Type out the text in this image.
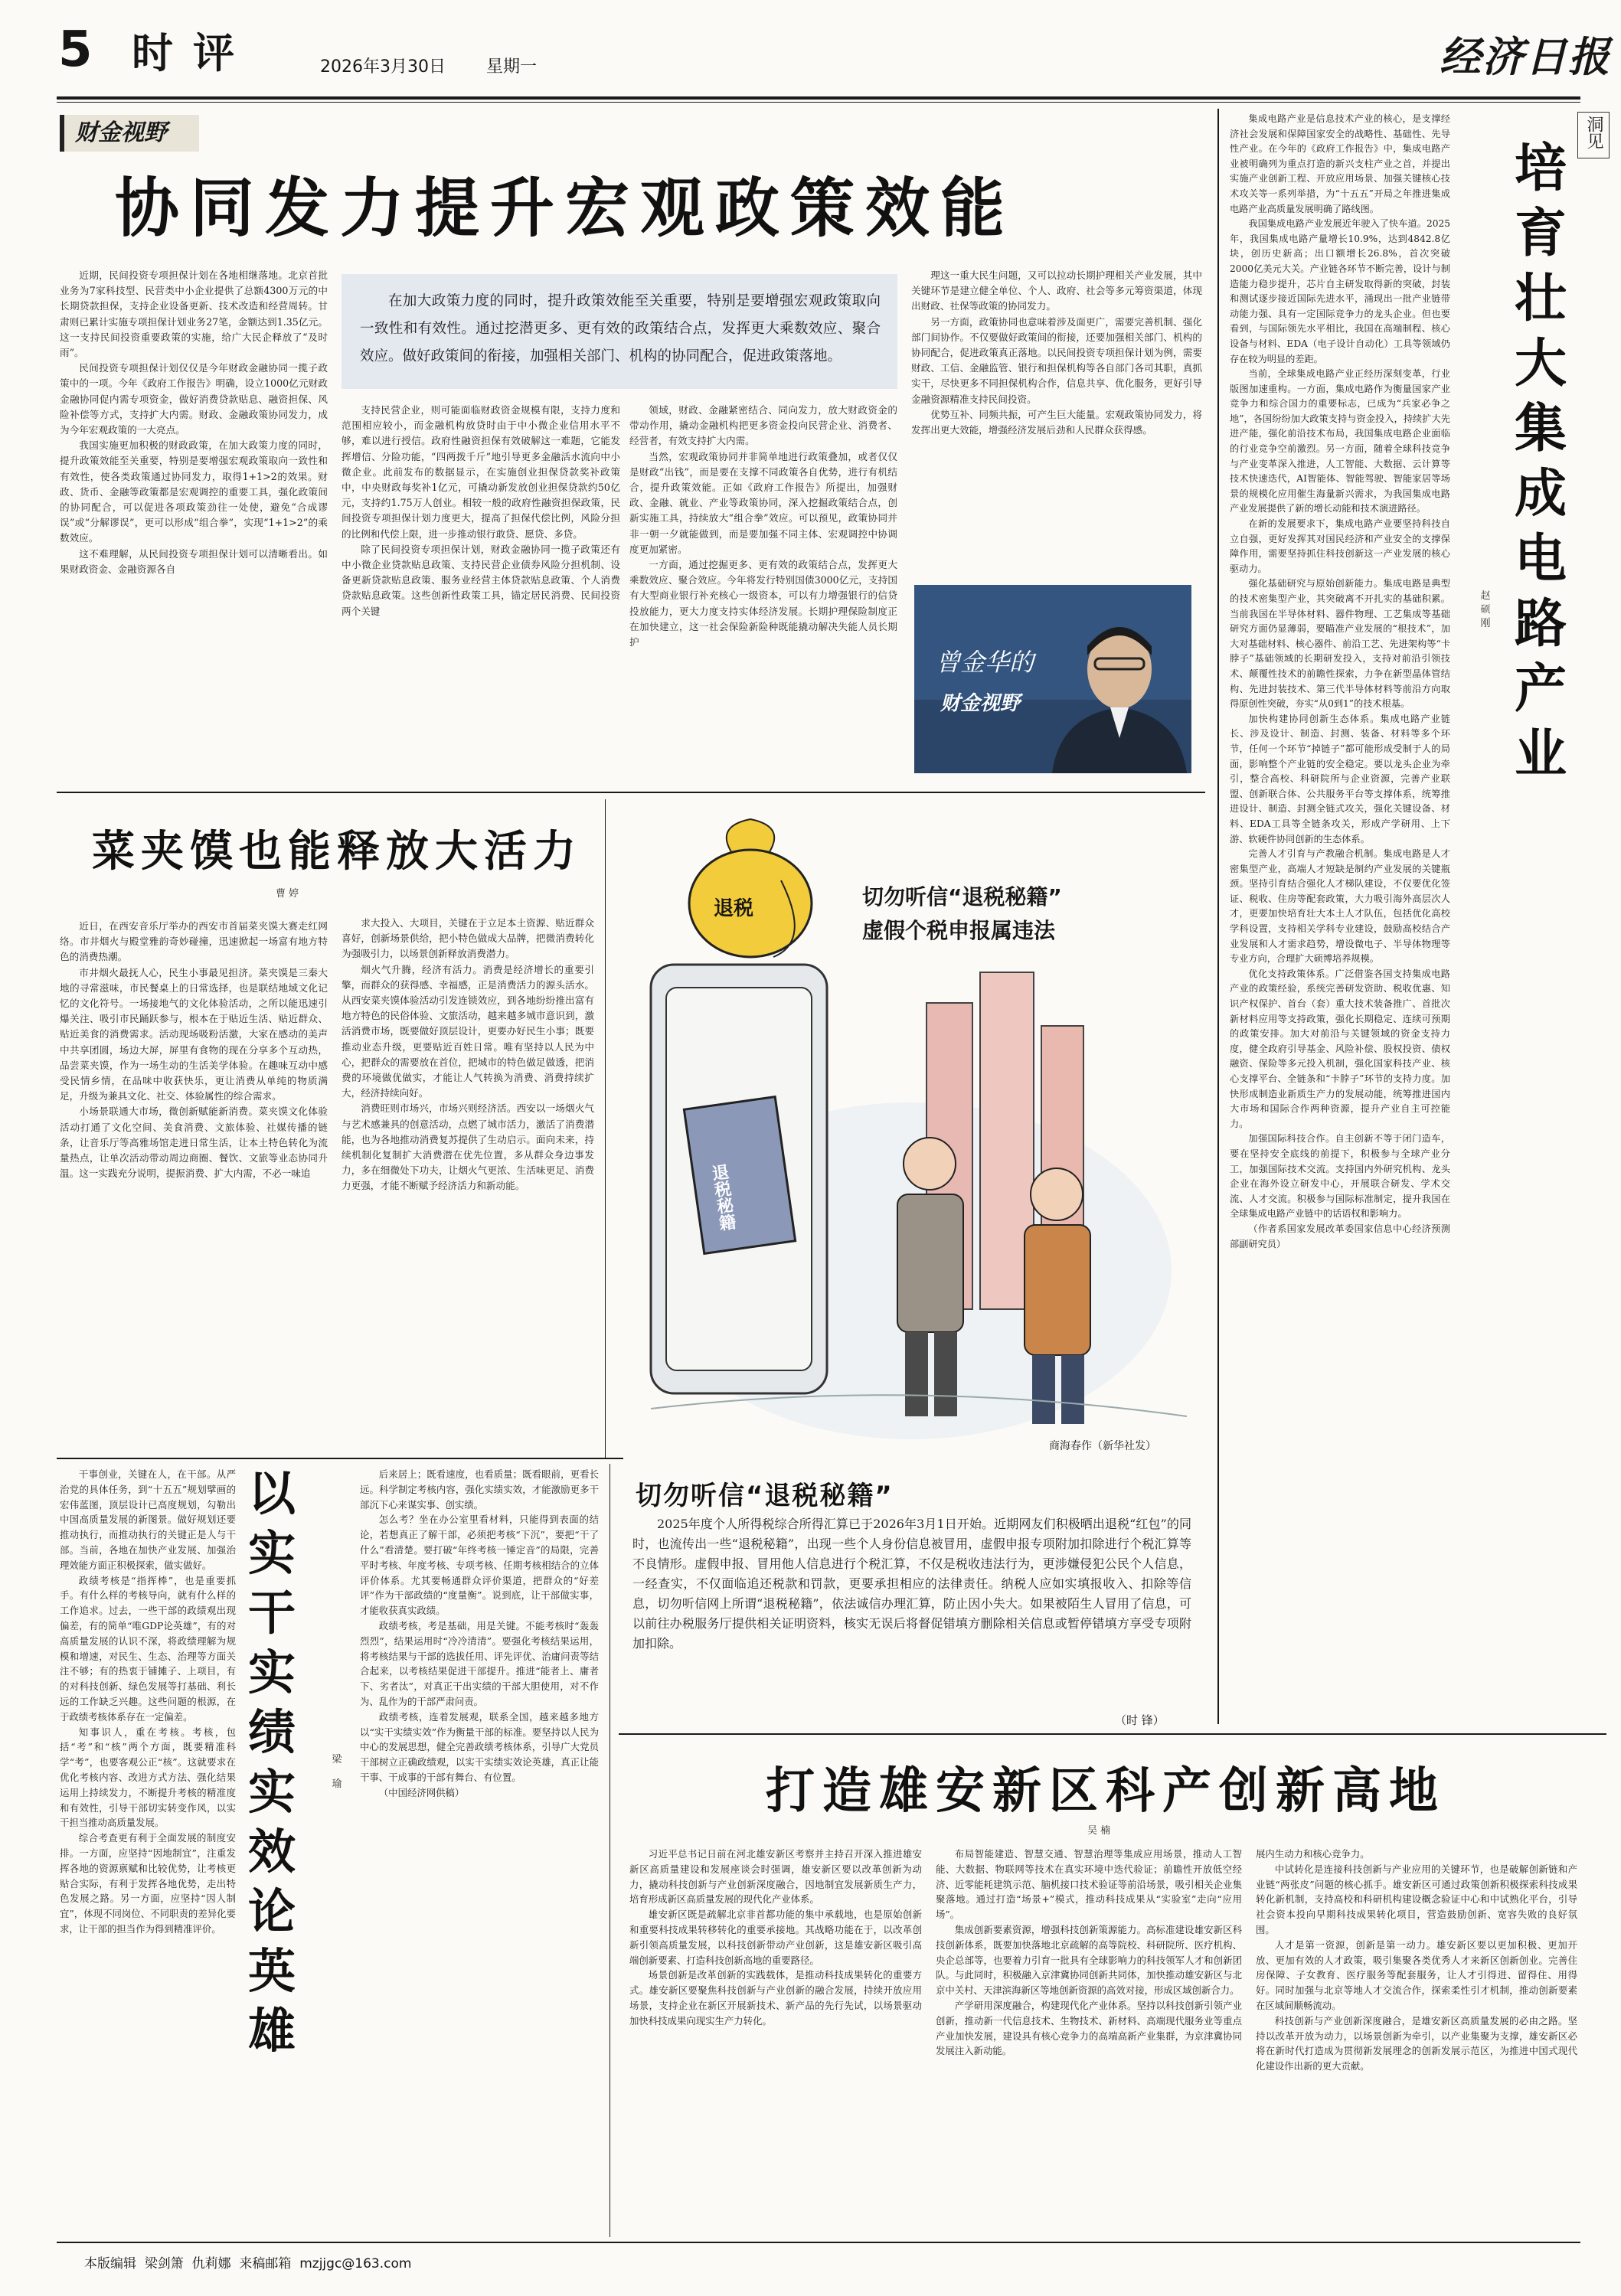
5 时评	2026年3月30日 星期一	经济日报
财金视野
协同发力提升宏观政策效能

近期，民间投资专项担保计划在各地相继落地。北京首批业务为7家科技型、民营类中小企业提供了总额4300万元的中长期贷款担保，支持企业设备更新、技术改造和经营周转。甘肃则已累计实施专项担保计划业务27笔，金额达到1.35亿元。这一支持民间投资重要政策的实施，给广大民企释放了“及时雨”。

民间投资专项担保计划仅仅是今年财政金融协同一揽子政策中的一项。今年《政府工作报告》明确，设立1000亿元财政金融协同促内需专项资金，做好消费贷款贴息、融资担保、风险补偿等方式，支持扩大内需。财政、金融政策协同发力，成为今年宏观政策的一大亮点。

我国实施更加积极的财政政策，在加大政策力度的同时，提升政策效能至关重要，特别是要增强宏观政策取向一致性和有效性，使各类政策通过协同发力，取得1+1>2的效果。财政、货币、金融等政策都是宏观调控的重要工具，强化政策间的协同配合，可以促进各项政策劲往一处使，避免“合成谬误”或“分解谬误”，更可以形成“组合拳”，实现“1+1>2”的乘数效应。

这不难理解，从民间投资专项担保计划可以清晰看出。如果财政资金、金融资源各自

在加大政策力度的同时，提升政策效能至关重要，特别是要增强宏观政策取向一致性和有效性。通过挖潜更多、更有效的政策结合点，发挥更大乘数效应、聚合效应。做好政策间的衔接，加强相关部门、机构的协同配合，促进政策落地。

支持民营企业，则可能面临财政资金规模有限，支持力度和范围相应较小，而金融机构放贷时由于中小微企业信用水平不够，难以进行授信。政府性融资担保有效破解这一难题，它能发挥增信、分险功能，“四两拨千斤”地引导更多金融活水流向中小微企业。此前发布的数据显示，在实施创业担保贷款奖补政策中，中央财政每奖补1亿元，可撬动新发放创业担保贷款约50亿元，支持约1.75万人创业。相较一般的政府性融资担保政策，民间投资专项担保计划力度更大，提高了担保代偿比例，风险分担的比例和代偿上限，进一步推动银行敢贷、愿贷、多贷。

除了民间投资专项担保计划，财政金融协同一揽子政策还有中小微企业贷款贴息政策、支持民营企业债券风险分担机制、设备更新贷款贴息政策、服务业经营主体贷款贴息政策、个人消费贷款贴息政策。这些创新性政策工具，锚定居民消费、民间投资两个关键

领域，财政、金融紧密结合、同向发力，放大财政资金的带动作用，撬动金融机构把更多资金投向民营企业、消费者、经营者，有效支持扩大内需。

当然，宏观政策协同并非简单地进行政策叠加，或者仅仅是财政“出钱”，而是要在支撑不同政策各自优势，进行有机结合，提升政策效能。正如《政府工作报告》所提出，加强财政、金融、就业、产业等政策协同，深入挖掘政策结合点，创新实施工具，持续放大“组合拳”效应。可以预见，政策协同并非一朝一夕就能做到，而是要加强不同主体、宏观调控中协调度更加紧密。

一方面，通过挖掘更多、更有效的政策结合点，发挥更大乘数效应、聚合效应。今年将发行特别国债3000亿元，支持国有大型商业银行补充核心一级资本，可以有力增强银行的信贷投放能力，更大力度支持实体经济发展。长期护理保险制度正在加快建立，这一社会保险新险种既能撬动解决失能人员长期护

理这一重大民生问题，又可以拉动长期护理相关产业发展，其中关键环节是建立健全单位、个人、政府、社会等多元筹资渠道，体现出财政、社保等政策的协同发力。

另一方面，政策协同也意味着涉及面更广，需要完善机制、强化部门间协作。不仅要做好政策间的衔接，还要加强相关部门、机构的协同配合，促进政策真正落地。以民间投资专项担保计划为例，需要财政、工信、金融监管、银行和担保机构等各自部门各司其职，真抓实干，尽快更多不同担保机构合作，信息共享、优化服务，更好引导金融资源精准支持民间投资。

优势互补、同频共振，可产生巨大能量。宏观政策协同发力，将发挥出更大效能，增强经济发展后劲和人民群众获得感。

曾金华的
财金视野
菜夹馍也能释放大活力
曹 婷

近日，在西安音乐厅举办的西安市首届菜夹馍大赛走红网络。市井烟火与殿堂雅韵奇妙碰撞，迅速掀起一场富有地方特色的消费热潮。

市井烟火最抚人心，民生小事最见担济。菜夹馍是三秦大地的寻常滋味，市民餐桌上的日常选择，也是联结地域文化记忆的文化符号。一场接地气的文化体验活动，之所以能迅速引爆关注、吸引市民踊跃参与，根本在于贴近生活、贴近群众、贴近美食的消费需求。活动现场吸粉活激，大家在感动的美声中共享团圆，场边大屏，屏里有食物的现在分享多个互动热，品尝菜夹馍，作为一场生动的生活美学体验。在趣味互动中感受民情乡情，在品味中收获快乐，更让消费从单纯的物质满足，升级为兼具文化、社交、体验属性的综合需求。

小场景联通大市场，微创新赋能新消费。菜夹馍文化体验活动打通了文化空间、美食消费、文旅体验、社媒传播的链条，让音乐厅等高雅场馆走进日常生活，让本土特色转化为流量热点，让单次活动带动周边商圈、餐饮、文旅等业态协同升温。这一实践充分说明，提振消费、扩大内需，不必一味追

求大投入、大项目，关键在于立足本土资源、贴近群众喜好，创新场景供给，把小特色做成大品牌，把微消费转化为强吸引力，以场景创新释放消费潜力。

烟火气升腾，经济有活力。消费是经济增长的重要引擎，而群众的获得感、幸福感，正是消费活力的源头活水。从西安菜夹馍体验活动引发连锁效应，到各地纷纷推出富有地方特色的民俗体验、文旅活动，越来越多城市意识到，激活消费市场，既要做好顶层设计，更要办好民生小事；既要推动业态升级，更要贴近百姓日常。唯有坚持以人民为中心，把群众的需要放在首位，把城市的特色做足做透，把消费的环境做优做实，才能让人气转换为消费、消费持续扩大，经济持续向好。

消费旺则市场兴，市场兴则经济活。西安以一场烟火气与艺术感兼具的创意活动，点燃了城市活力，激活了消费潜能，也为各地推动消费复苏提供了生动启示。面向未来，持续机制化复制扩大消费潜在优先位置，多从群众身边事发力，多在细微处下功夫，让烟火气更浓、生活味更足、消费力更强，才能不断赋予经济活力和新动能。

退税
退税秘籍
切勿听信“退税秘籍”
虚假个税申报属违法
商海春作（新华社发）
切勿听信“退税秘籍”
2025年度个人所得税综合所得汇算已于2026年3月1日开始。近期网友们积极晒出退税“红包”的同时，也流传出一些“退税秘籍”，出现一些个人身份信息被冒用，虚假申报专项附加扣除进行个税汇算等不良情形。虚假申报、冒用他人信息进行个税汇算，不仅是税收违法行为，更涉嫌侵犯公民个人信息，一经查实，不仅面临追还税款和罚款，更要承担相应的法律责任。纳税人应如实填报收入、扣除等信息，切勿听信网上所谓“退税秘籍”，依法诚信办理汇算，防止因小失大。如果被陌生人冒用了信息，可以前往办税服务厅提供相关证明资料，核实无误后将督促错填方删除相关信息或暂停错填方享受专项附加扣除。
（时 锋）
洞见
培
育
壮
大
集
成
电
路
产
业
赵
硕
刚

集成电路产业是信息技术产业的核心，是支撑经济社会发展和保障国家安全的战略性、基础性、先导性产业。在今年的《政府工作报告》中，集成电路产业被明确列为重点打造的新兴支柱产业之首，并提出实施产业创新工程、开放应用场景、加强关键核心技术攻关等一系列举措，为“十五五”开局之年推进集成电路产业高质量发展明确了路线图。

我国集成电路产业发展近年驶入了快车道。2025年，我国集成电路产量增长10.9%，达到4842.8亿块，创历史新高；出口额增长26.8%，首次突破2000亿美元大关。产业链各环节不断完善，设计与制造能力稳步提升，芯片自主研发取得新的突破，封装和测试逐步接近国际先进水平，涌现出一批产业链带动能力强、具有一定国际竞争力的龙头企业。但也要看到，与国际领先水平相比，我国在高端制程、核心设备与材料、EDA（电子设计自动化）工具等领域仍存在较为明显的差距。

当前，全球集成电路产业正经历深刻变革，行业版图加速重构。一方面，集成电路作为衡量国家产业竞争力和综合国力的重要标志，已成为“兵家必争之地”，各国纷纷加大政策支持与资金投入，持续扩大先进产能，强化前沿技术布局，我国集成电路企业面临的行业竞争空前激烈。另一方面，随着全球科技竞争与产业变革深入推进，人工智能、大数据、云计算等技术快速迭代，AI智能体、智能驾驶、智能家居等场景的规模化应用催生海量新兴需求，为我国集成电路产业发展提供了新的增长动能和技术演进路径。

在新的发展要求下，集成电路产业要坚持科技自立自强，更好发挥其对国民经济和产业安全的支撑保障作用，需要坚持抓住科技创新这一产业发展的核心驱动力。

强化基础研究与原始创新能力。集成电路是典型的技术密集型产业，其突破离不开扎实的基础积累。当前我国在半导体材料、器件物理、工艺集成等基础研究方面仍显薄弱，要瞄准产业发展的“根技术”，加大对基础材料、核心器件、前沿工艺、先进架构等“卡脖子”基础领域的长期研发投入，支持对前沿引领技术、颠覆性技术的前瞻性探索，力争在新型晶体管结构、先进封装技术、第三代半导体材料等前沿方向取得原创性突破，夯实“从0到1”的技术根基。

加快构建协同创新生态体系。集成电路产业链长、涉及设计、制造、封测、装备、材料等多个环节，任何一个环节“掉链子”都可能形成受制于人的局面，影响整个产业链的安全稳定。要以龙头企业为牵引，整合高校、科研院所与企业资源，完善产业联盟、创新联合体、公共服务平台等支撑体系，统筹推进设计、制造、封测全链式攻关，强化关键设备、材料、EDA工具等全链条攻关，形成产学研用、上下游、软硬件协同创新的生态体系。

完善人才引育与产教融合机制。集成电路是人才密集型产业，高端人才短缺是制约产业发展的关键瓶颈。坚持引育结合强化人才梯队建设，不仅要优化签证、税收、住房等配套政策，大力吸引海外高层次人才，更要加快培育壮大本土人才队伍，包括优化高校学科设置，支持相关学科专业建设，鼓励高校结合产业发展和人才需求趋势，增设微电子、半导体物理等专业方向，合理扩大硕博培养规模。

优化支持政策体系。广泛借鉴各国支持集成电路产业的政策经验，系统完善研发资助、税收优惠、知识产权保护、首台（套）重大技术装备推广、首批次新材料应用等支持政策，强化长期稳定、连续可预期的政策安排。加大对前沿与关键领域的资金支持力度，健全政府引导基金、风险补偿、股权投资、债权融资、保险等多元投入机制，强化国家科技产业、核心支撑平台、全链条和“卡脖子”环节的支持力度。加快形成制造业新质生产力的发展动能，统筹推进国内大市场和国际合作两种资源，提升产业自主可控能力。

加强国际科技合作。自主创新不等于闭门造车，要在坚持安全底线的前提下，积极参与全球产业分工，加强国际技术交流。支持国内外研究机构、龙头企业在海外设立研发中心，开展联合研发、学术交流、人才交流。积极参与国际标准制定，提升我国在全球集成电路产业链中的话语权和影响力。

（作者系国家发展改革委国家信息中心经济预测部副研究员）

干事创业，关键在人，在干部。从严治党的具体任务，到“十五五”规划擘画的宏伟蓝图，顶层设计已高度规划，勾勒出中国高质量发展的新图景。做好规划还要推动执行，而推动执行的关键正是人与干部。当前，各地在加快产业发展、加强治理效能方面正积极探索，做实做好。

政绩考核是“指挥棒”，也是重要抓手。有什么样的考核导向，就有什么样的工作追求。过去，一些干部的政绩观出现偏差，有的简单“唯GDP论英雄”，有的对高质量发展的认识不深，将政绩理解为规模和增速，对民生、生态、治理等方面关注不够；有的热衷于铺摊子、上项目，有的对科技创新、绿色发展等打基础、利长远的工作缺乏兴趣。这些问题的根源，在于政绩考核体系存在一定偏差。

知事识人，重在考核。考核，包括“考”和“核”两个方面，既要精准科学“考”，也要客观公正“核”。这就要求在优化考核内容、改进方式方法、强化结果运用上持续发力，不断提升考核的精准度和有效性，引导干部切实转变作风，以实干担当推动高质量发展。

综合考查更有利于全面发展的制度安排。一方面，应坚持“因地制宜”，注重发挥各地的资源禀赋和比较优势，让考核更贴合实际，有利于发挥各地优势，走出特色发展之路。另一方面，应坚持“因人制宜”，体现不同岗位、不同职责的差异化要求，让干部的担当作为得到精准评价。

以
实
干
实
绩
实
效
论
英
雄
梁
瑜

后来居上；既看速度，也看质量；既看眼前，更看长远。科学制定考核内容，强化实绩实效，才能激励更多干部沉下心来谋实事、创实绩。

怎么考？坐在办公室里看材料，只能得到表面的结论，若想真正了解干部，必须把考核“下沉”，要把“干了什么”看清楚。要打破“年终考核一锤定音”的局限，完善平时考核、年度考核、专项考核、任期考核相结合的立体评价体系。尤其要畅通群众评价渠道，把群众的“好差评”作为干部政绩的“度量衡”。说到底，让干部做实事，才能收获真实政绩。

政绩考核，考是基础，用是关键。不能考核时“轰轰烈烈”，结果运用时“冷冷清清”。要强化考核结果运用，将考核结果与干部的选拔任用、评先评优、治庸问责等结合起来，以考核结果促进干部提升。推进“能者上、庸者下、劣者汰”，对真正干出实绩的干部大胆使用，对不作为、乱作为的干部严肃问责。

政绩考核，连着发展观，联系全国，越来越多地方以“实干实绩实效”作为衡量干部的标准。要坚持以人民为中心的发展思想，健全完善政绩考核体系，引导广大党员干部树立正确政绩观，以实干实绩实效论英雄，真正让能干事、干成事的干部有舞台、有位置。

（中国经济网供稿）	打造雄安新区科产创新高地
吴 楠

习近平总书记日前在河北雄安新区考察并主持召开深入推进雄安新区高质量建设和发展座谈会时强调，雄安新区要以改革创新为动力，撬动科技创新与产业创新深度融合，因地制宜发展新质生产力，培育形成新区高质量发展的现代化产业体系。

雄安新区既是疏解北京非首都功能的集中承载地，也是原始创新和重要科技成果转移转化的重要承接地。其战略功能在于，以改革创新引领高质量发展，以科技创新带动产业创新，这是雄安新区吸引高端创新要素、打造科技创新高地的重要路径。

场景创新是改革创新的实践载体，是推动科技成果转化的重要方式。雄安新区要聚焦科技创新与产业创新的融合发展，持续开放应用场景，支持企业在新区开展新技术、新产品的先行先试，以场景驱动加快科技成果向现实生产力转化。

布局智能建造、智慧交通、智慧治理等集成应用场景，推动人工智能、大数据、物联网等技术在真实环境中迭代验证；前瞻性开放低空经济、近零能耗建筑示范、脑机接口技术验证等前沿场景，吸引相关企业集聚落地。通过打造“场景+”模式，推动科技成果从“实验室”走向“应用场”。

集成创新要素资源，增强科技创新策源能力。高标准建设雄安新区科技创新体系，既要加快落地北京疏解的高等院校、科研院所、医疗机构、央企总部等，也要着力引育一批具有全球影响力的科技领军人才和创新团队。与此同时，积极融入京津冀协同创新共同体，加快推动雄安新区与北京中关村、天津滨海新区等地创新资源的高效对接，形成区域创新合力。

产学研用深度融合，构建现代化产业体系。坚持以科技创新引领产业创新，推动新一代信息技术、生物技术、新材料、高端现代服务业等重点产业加快发展，建设具有核心竞争力的高端高新产业集群，为京津冀协同发展注入新动能。

展内生动力和核心竞争力。

中试转化是连接科技创新与产业应用的关键环节，也是破解创新链和产业链“两张皮”问题的核心抓手。雄安新区可通过政策创新积极探索科技成果转化新机制，支持高校和科研机构建设概念验证中心和中试熟化平台，引导社会资本投向早期科技成果转化项目，营造鼓励创新、宽容失败的良好氛围。

人才是第一资源，创新是第一动力。雄安新区要以更加积极、更加开放、更加有效的人才政策，吸引集聚各类优秀人才来新区创新创业。完善住房保障、子女教育、医疗服务等配套服务，让人才引得进、留得住、用得好。同时加强与北京等地人才交流合作，探索柔性引才机制，推动创新要素在区域间顺畅流动。

科技创新与产业创新深度融合，是雄安新区高质量发展的必由之路。坚持以改革开放为动力，以场景创新为牵引，以产业集聚为支撑，雄安新区必将在新时代打造成为贯彻新发展理念的创新发展示范区，为推进中国式现代化建设作出新的更大贡献。

本版编辑  梁剑箫  仇莉娜  来稿邮箱  mzjjgc@163.com
